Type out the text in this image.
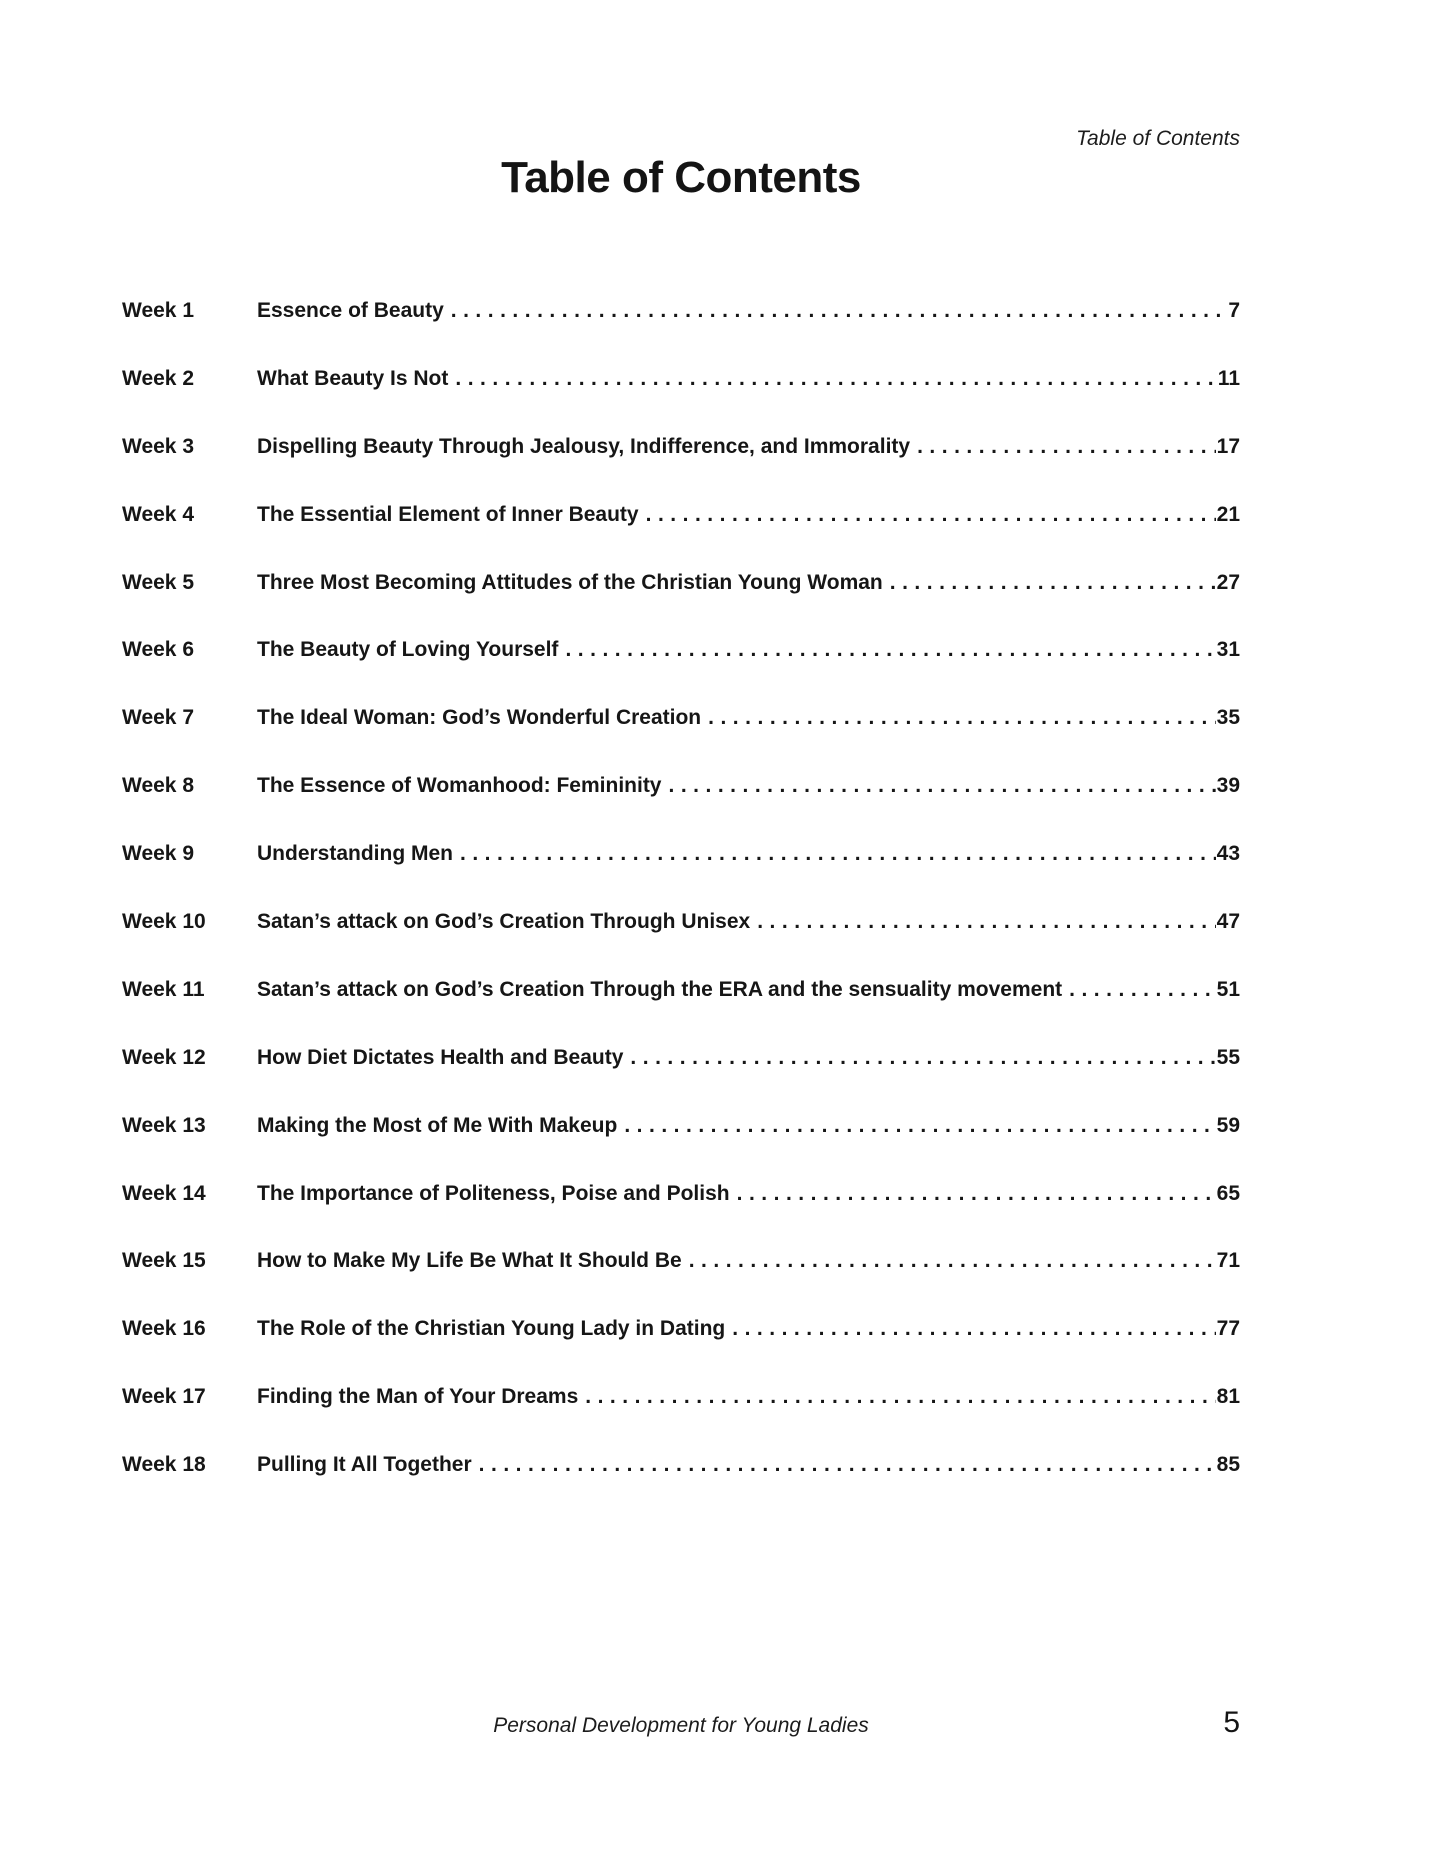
Table of Contents
Table of Contents
Week 1	Essence of Beauty .....	7
Week 2	What Beauty Is Not .....	11
Week 3	Dispelling Beauty Through Jealousy, Indifference, and Immorality .....	17
Week 4	The Essential Element of Inner Beauty .....	21
Week 5	Three Most Becoming Attitudes of the Christian Young Woman .....	27
Week 6	The Beauty of Loving Yourself .....	31
Week 7	The Ideal Woman: God’s Wonderful Creation .....	35
Week 8	The Essence of Womanhood: Femininity .....	39
Week 9	Understanding Men .....	43
Week 10	Satan’s attack on God’s Creation Through Unisex .....	47
Week 11	Satan’s attack on God’s Creation Through the ERA and the sensuality movement .....	51
Week 12	How Diet Dictates Health and Beauty .....	55
Week 13	Making the Most of Me With Makeup .....	59
Week 14	The Importance of Politeness, Poise and Polish .....	65
Week 15	How to Make My Life Be What It Should Be .....	71
Week 16	The Role of the Christian Young Lady in Dating .....	77
Week 17	Finding the Man of Your Dreams .....	81
Week 18	Pulling It All Together .....	85
Personal Development for Young Ladies	5
